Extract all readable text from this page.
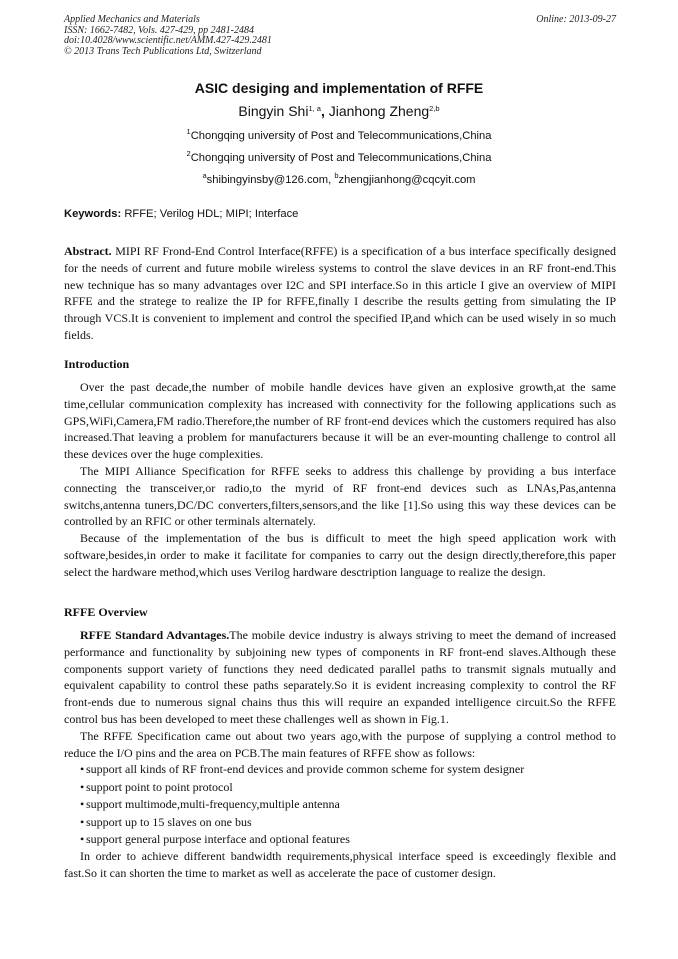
Applied Mechanics and Materials
ISSN: 1662-7482, Vols. 427-429, pp 2481-2484
doi:10.4028/www.scientific.net/AMM.427-429.2481
© 2013 Trans Tech Publications Ltd, Switzerland
Online: 2013-09-27
ASIC desiging and implementation of RFFE
Bingyin Shi$^{1, a}$, Jianhong Zheng$^{2,b}$
$^1$Chongqing university of Post and Telecommunications,China
$^2$Chongqing university of Post and Telecommunications,China
$^a$shibingyinsby@126.com, $^b$zhengjianhong@cqcyit.com
Keywords: RFFE; Verilog HDL; MIPI; Interface
Abstract. MIPI RF Frond-End Control Interface(RFFE) is a specification of a bus interface specifically designed for the needs of current and future mobile wireless systems to control the slave devices in an RF front-end.This new technique has so many advantages over I2C and SPI interface.So in this article I give an overview of MIPI RFFE and the stratege to realize the IP for RFFE,finally I describe the results getting from simulating the IP through VCS.It is convenient to implement and control the specified IP,and which can be used wisely in so much fields.
Introduction

Over the past decade,the number of mobile handle devices have given an explosive growth,at the same time,cellular communication complexity has increased with connectivity for the following applications such as GPS,WiFi,Camera,FM radio.Therefore,the number of RF front-end devices which the customers required has also increased.That leaving a problem for manufacturers because it will be an ever-mounting challenge to control all these devices over the huge complexities.

The MIPI Alliance Specification for RFFE seeks to address this challenge by providing a bus interface connecting the transceiver,or radio,to the myrid of RF front-end devices such as LNAs,Pas,antenna switchs,antenna tuners,DC/DC converters,filters,sensors,and the like [1].So using this way these devices can be controlled by an RFIC or other terminals alternately.

Because of the implementation of the bus is difficult to meet the high speed application work with software,besides,in order to make it facilitate for companies to carry out the design directly,therefore,this paper select the hardware method,which uses Verilog hardware desctription language to realize the design.

RFFE Overview

RFFE Standard Advantages.The mobile device industry is always striving to meet the demand of increased performance and functionality by subjoining new types of components in RF front-end slaves.Although these components support variety of functions they need dedicated parallel paths to transmit signals mutually and equivalent capability to control these paths separately.So it is evident increasing complexity to control the RF front-ends due to numerous signal chains thus this will require an expanded intelligence circuit.So the RFFE control bus has been developed to meet these challenges well as shown in Fig.1.

The RFFE Specification came out about two years ago,with the purpose of supplying a control method to reduce the I/O pins and the area on PCB.The main features of RFFE show as follows:

• support all kinds of RF front-end devices and provide common scheme for system designer
• support point to point protocol
• support multimode,multi-frequency,multiple antenna
• support up to 15 slaves on one bus
• support general purpose interface and optional features

In order to achieve different bandwidth requirements,physical interface speed is exceedingly flexible and fast.So it can shorten the time to market as well as accelerate the pace of customer design.
